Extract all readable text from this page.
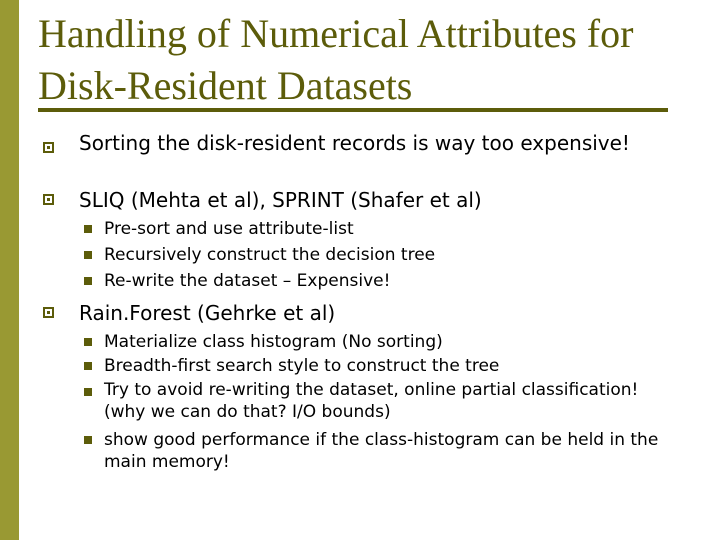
Handling of Numerical Attributes for Disk-Resident Datasets
Sorting the disk-resident records is way too expensive!
SLIQ (Mehta et al), SPRINT (Shafer et al)
Pre-sort and use attribute-list
Recursively construct the decision tree
Re-write the dataset – Expensive!
Rain.Forest (Gehrke et al)
Materialize class histogram (No sorting)
Breadth-first search style to construct the tree
Try to avoid re-writing the dataset, online partial classification! (why we can do that? I/O bounds)
show good performance if the class-histogram can be held in the main memory!
